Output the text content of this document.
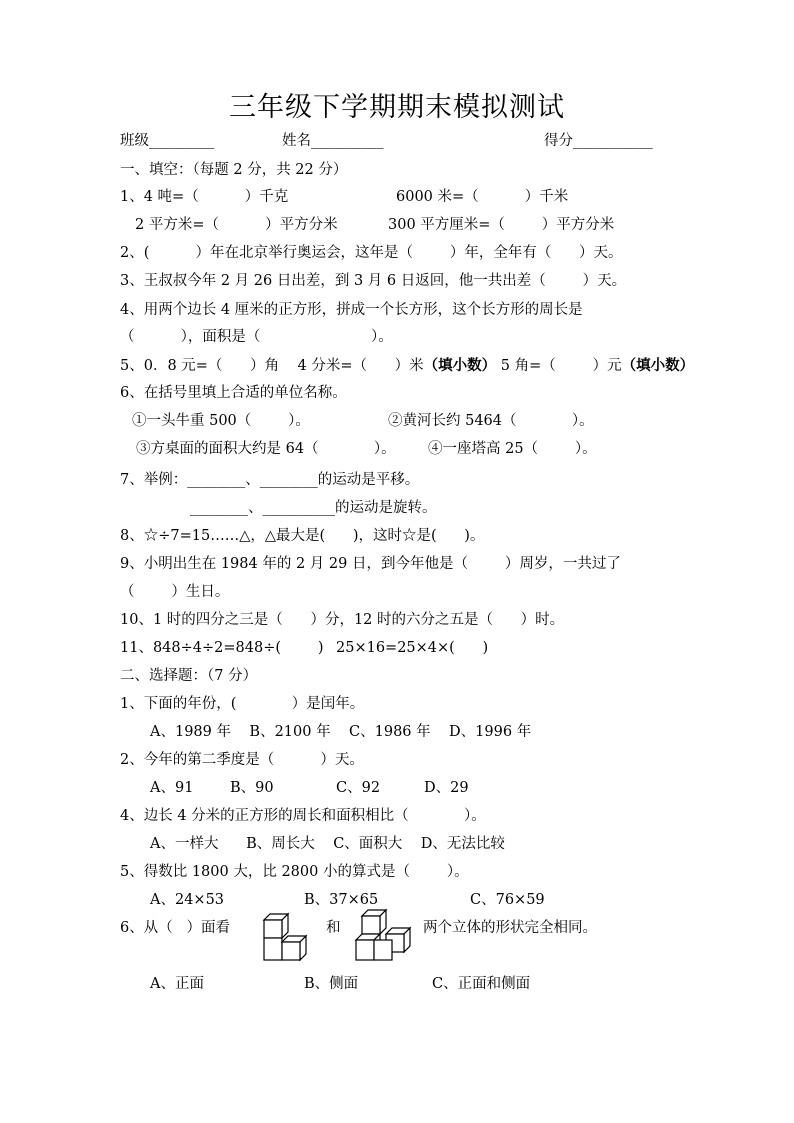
三年级下学期期末模拟测试
班级_________	姓名__________	得分___________
一、填空：（每题 2 分，共 22 分）
1、4 吨=（          ）千克	6000 米=（          ）千米
2 平方米=（          ）平方分米	300 平方厘米=（        ）平方分米
2、(          ）年在北京举行奥运会，这年是（        ）年，全年有（      ）天。
3、王叔叔今年 2 月 26 日出差，到 3 月 6 日返回，他一共出差（        ）天。
4、用两个边长 4 厘米的正方形，拼成一个长方形，这个长方形的周长是
（          ），面积是（                        ）。
5、0．8 元=（      ）角    4 分米=（      ）米（填小数） 5 角=（        ）元（填小数）
6、在括号里填上合适的单位名称。
①一头牛重 500（        ）。	②黄河长约 5464（            ）。
③方桌面的面积大约是 64（            ）。 ④一座塔高 25（        ）。
7、举例：________、________的运动是平移。
________、__________的运动是旋转。
8、☆÷7=15……△，△最大是(      )，这时☆是(      )。
9、小明出生在 1984 年的 2 月 29 日，到今年他是（        ）周岁，一共过了
（        ）生日。
10、1 时的四分之三是（      ）分，12 时的六分之五是（      ）时。
11、848÷4÷2=848÷(        ) 25×16=25×4×(      )
二、选择题：（7 分）
1、下面的年份，(            ）是闰年。
A、1989 年    B、2100 年    C、1986 年    D、1996 年
2、今年的第二季度是（          ）天。
A、91	B、90	C、92	D、29
4、边长 4 分米的正方形的周长和面积相比（            ）。
A、一样大      B、周长大    C、面积大    D、无法比较
5、得数比 1800 大，比 2800 小的算式是（        ）。
A、24×53	B、37×65	C、76×59
6、从（   ）面看	和	两个立体的形状完全相同。
A、正面	B、侧面	C、正面和侧面
